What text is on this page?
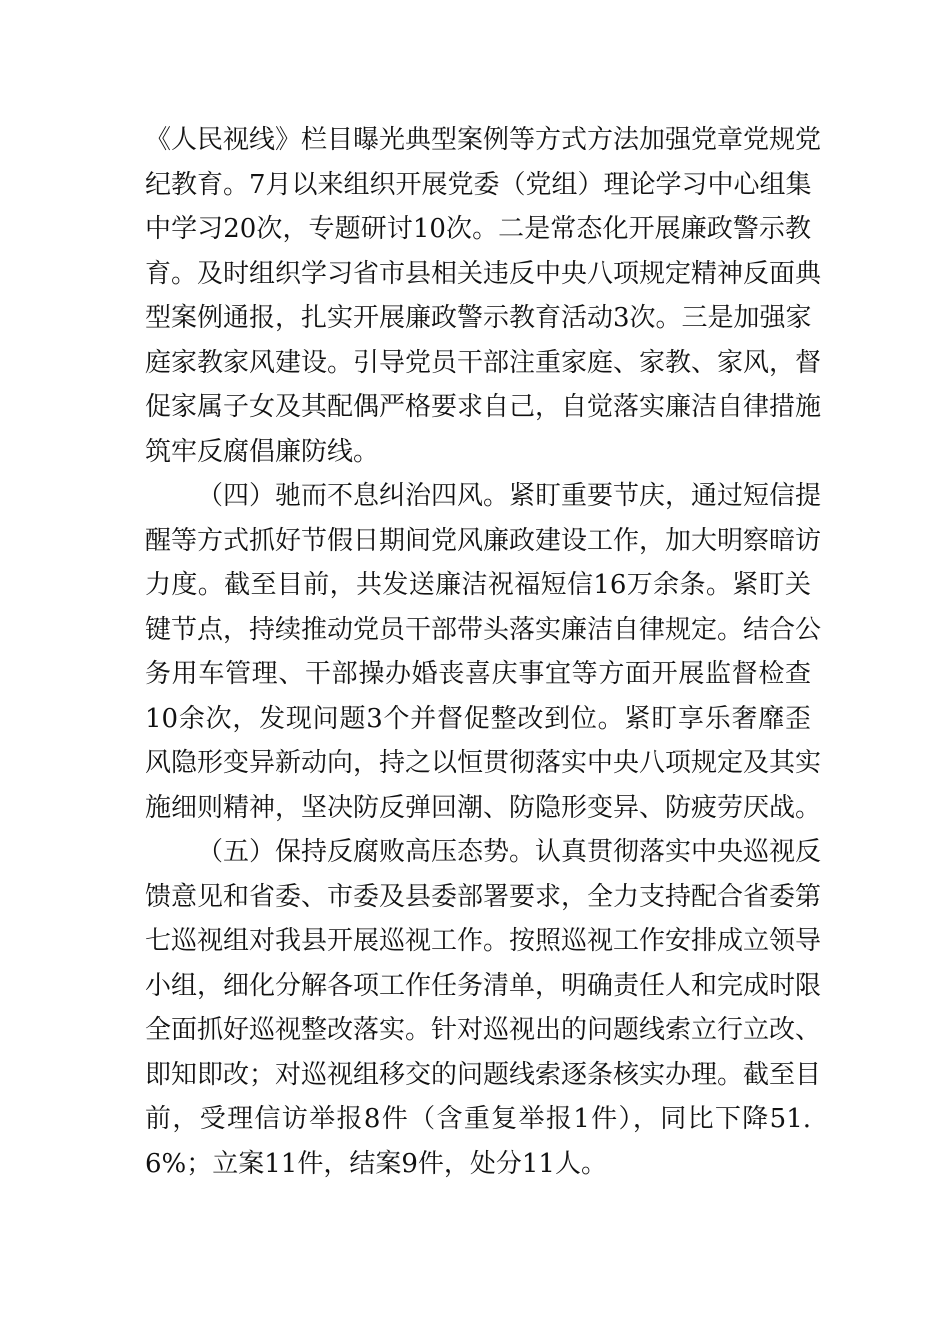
《人民视线》栏目曝光典型案例等方式方法加强党章党规党
纪教育。7月以来组织开展党委（党组）理论学习中心组集
中学习20次，专题研讨10次。二是常态化开展廉政警示教
育。及时组织学习省市县相关违反中央八项规定精神反面典
型案例通报，扎实开展廉政警示教育活动3次。三是加强家
庭家教家风建设。引导党员干部注重家庭、家教、家风，督
促家属子女及其配偶严格要求自己，自觉落实廉洁自律措施
筑牢反腐倡廉防线。
（四）驰而不息纠治四风。紧盯重要节庆，通过短信提
醒等方式抓好节假日期间党风廉政建设工作，加大明察暗访
力度。截至目前，共发送廉洁祝福短信16万余条。紧盯关
键节点，持续推动党员干部带头落实廉洁自律规定。结合公
务用车管理、干部操办婚丧喜庆事宜等方面开展监督检查
10余次，发现问题3个并督促整改到位。紧盯享乐奢靡歪
风隐形变异新动向，持之以恒贯彻落实中央八项规定及其实
施细则精神，坚决防反弹回潮、防隐形变异、防疲劳厌战。
（五）保持反腐败高压态势。认真贯彻落实中央巡视反
馈意见和省委、市委及县委部署要求，全力支持配合省委第
七巡视组对我县开展巡视工作。按照巡视工作安排成立领导
小组，细化分解各项工作任务清单，明确责任人和完成时限
全面抓好巡视整改落实。针对巡视出的问题线索立行立改、
即知即改；对巡视组移交的问题线索逐条核实办理。截至目
前，受理信访举报8件（含重复举报1件），同比下降51.
6%；立案11件，结案9件，处分11人。
